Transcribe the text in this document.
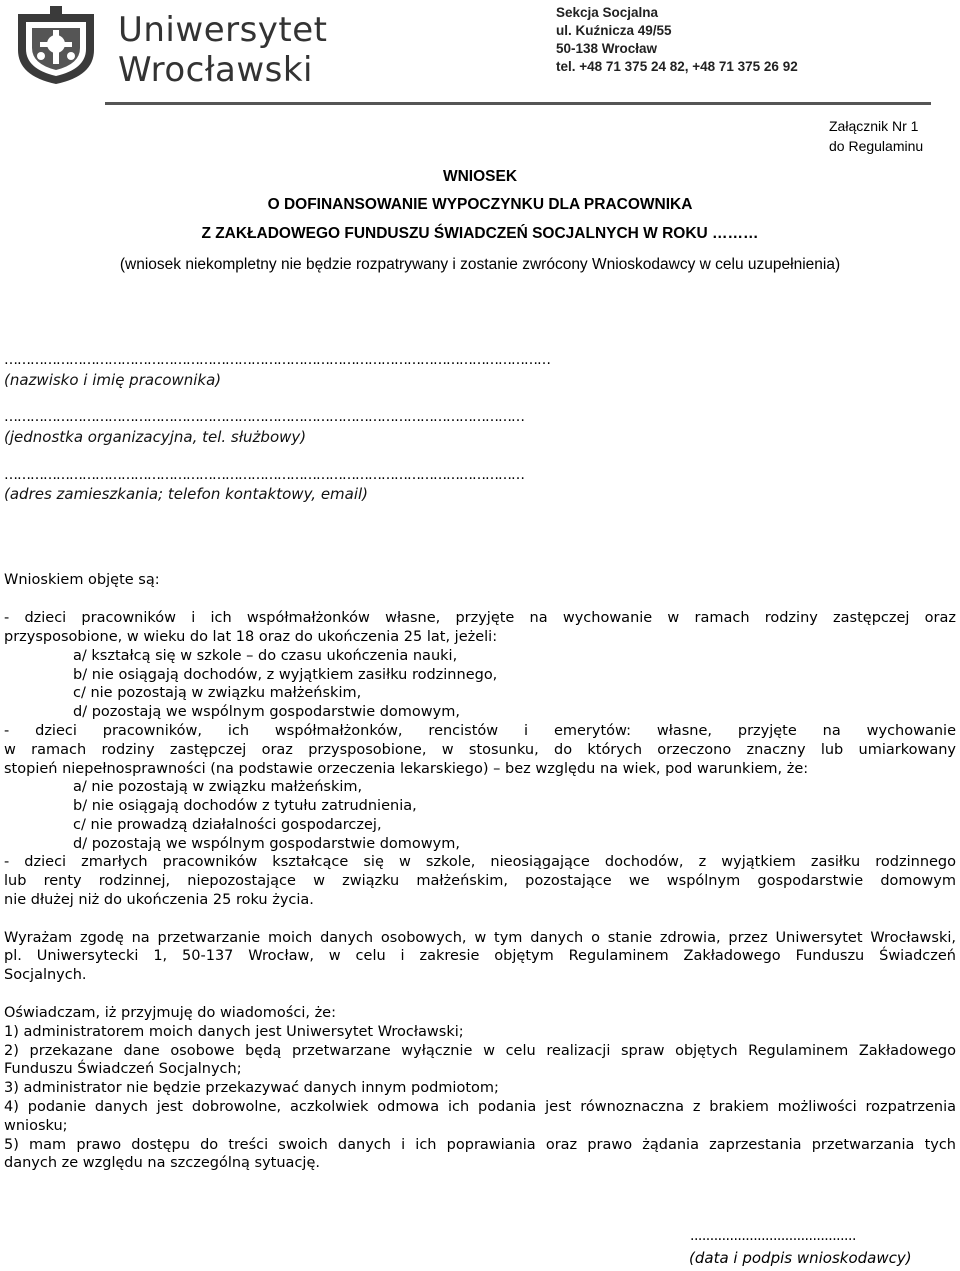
Uniwersytet
Wrocławski
Sekcja Socjalna
ul. Kuźnicza 49/55
50-138 Wrocław
tel. +48 71 375 24 82, +48 71 375 26 92
Załącznik Nr 1
do Regulaminu
WNIOSEK
O DOFINANSOWANIE WYPOCZYNKU DLA PRACOWNIKA
Z ZAKŁADOWEGO FUNDUSZU ŚWIADCZEŃ SOCJALNYCH W ROKU ………
(wniosek niekompletny nie będzie rozpatrywany i zostanie zwrócony Wnioskodawcy w celu uzupełnienia)
………………………………………………………………………………………………………………
(nazwisko i imię pracownika)
…………………………………………………………………………………………………………
(jednostka organizacyjna, tel. służbowy)
…………………………………………………………………………………………………………
(adres zamieszkania; telefon kontaktowy, email)
Wnioskiem objęte są:
- dzieci pracowników i ich współmałżonków własne, przyjęte na wychowanie w ramach rodziny zastępczej oraz
przysposobione, w wieku do lat 18 oraz do ukończenia 25 lat, jeżeli:
a/ kształcą się w szkole – do czasu ukończenia nauki,
b/ nie osiągają dochodów, z wyjątkiem zasiłku rodzinnego,
c/ nie pozostają w związku małżeńskim,
d/ pozostają we wspólnym gospodarstwie domowym,
- dzieci pracowników, ich współmałżonków, rencistów i emerytów: własne, przyjęte na wychowanie
w ramach rodziny zastępczej oraz przysposobione, w stosunku, do których orzeczono znaczny lub umiarkowany
stopień niepełnosprawności (na podstawie orzeczenia lekarskiego) – bez względu na wiek, pod warunkiem, że:
a/ nie pozostają w związku małżeńskim,
b/ nie osiągają dochodów z tytułu zatrudnienia,
c/ nie prowadzą działalności gospodarczej,
d/ pozostają we wspólnym gospodarstwie domowym,
- dzieci zmarłych pracowników kształcące się w szkole, nieosiągające dochodów, z wyjątkiem zasiłku rodzinnego
lub renty rodzinnej, niepozostające w związku małżeńskim, pozostające we wspólnym gospodarstwie domowym
nie dłużej niż do ukończenia 25 roku życia.
Wyrażam zgodę na przetwarzanie moich danych osobowych, w tym danych o stanie zdrowia, przez Uniwersytet Wrocławski,
pl. Uniwersytecki 1, 50-137 Wrocław, w celu i zakresie objętym Regulaminem Zakładowego Funduszu Świadczeń
Socjalnych.
Oświadczam, iż przyjmuję do wiadomości, że:
1) administratorem moich danych jest Uniwersytet Wrocławski;
2) przekazane dane osobowe będą przetwarzane wyłącznie w celu realizacji spraw objętych Regulaminem Zakładowego
Funduszu Świadczeń Socjalnych;
3) administrator nie będzie przekazywać danych innym podmiotom;
4) podanie danych jest dobrowolne, aczkolwiek odmowa ich podania jest równoznaczna z brakiem możliwości rozpatrzenia
wniosku;
5) mam prawo dostępu do treści swoich danych i ich poprawiania oraz prawo żądania zaprzestania przetwarzania tych
danych ze względu na szczególną sytuację.
..........................................
(data i podpis wnioskodawcy)
